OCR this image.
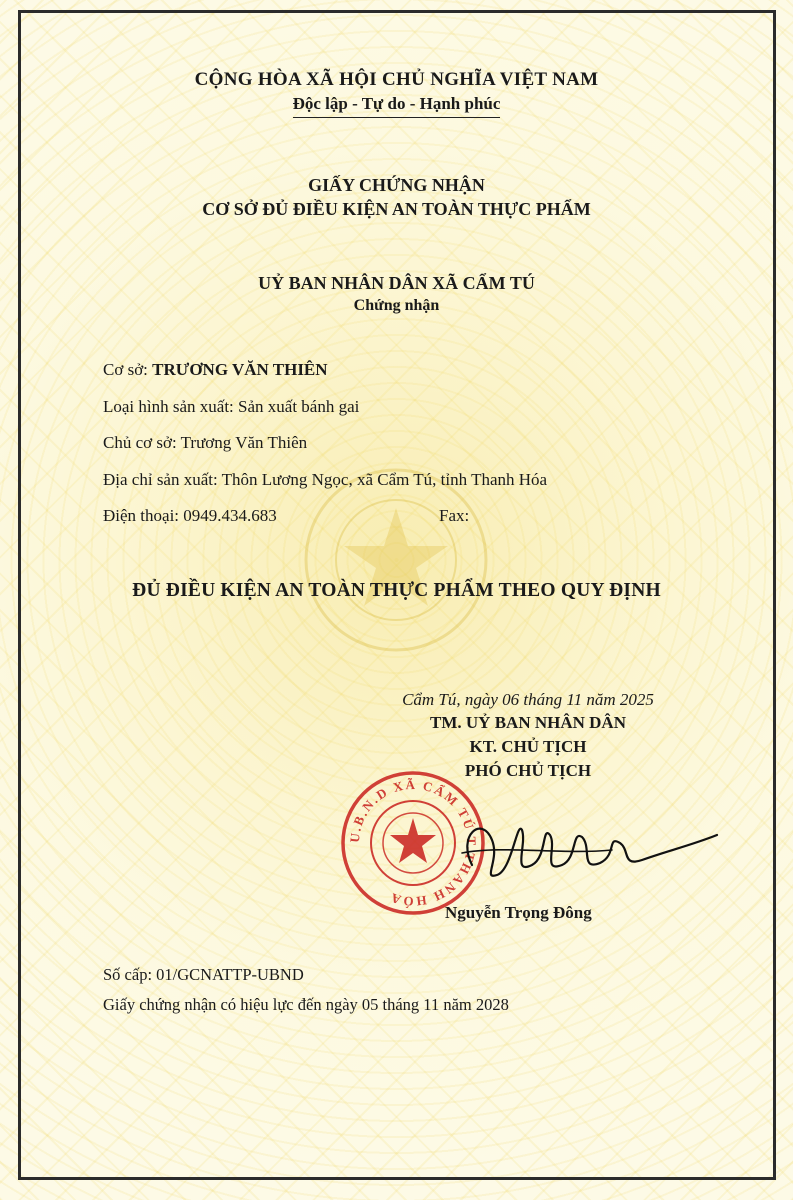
CỘNG HÒA XÃ HỘI CHỦ NGHĨA VIỆT NAM
Độc lập - Tự do - Hạnh phúc
GIẤY CHỨNG NHẬN
CƠ SỞ ĐỦ ĐIỀU KIỆN AN TOÀN THỰC PHẨM
UỶ BAN NHÂN DÂN XÃ CẨM TÚ
Chứng nhận
Cơ sở: TRƯƠNG VĂN THIÊN
Loại hình sản xuất: Sản xuất bánh gai
Chủ cơ sở: Trương Văn Thiên
Địa chỉ sản xuất: Thôn Lương Ngọc, xã Cẩm Tú, tỉnh Thanh Hóa
Điện thoại: 0949.434.683	Fax:
ĐỦ ĐIỀU KIỆN AN TOÀN THỰC PHẨM THEO QUY ĐỊNH
Cẩm Tú, ngày 06 tháng 11 năm 2025
TM. UỶ BAN NHÂN DÂN
KT. CHỦ TỊCH
PHÓ CHỦ TỊCH
U.B.N.D XÃ CẨM TÚ T.THANH HÓA
Nguyễn Trọng Đông
Số cấp: 01/GCNATTP-UBND
Giấy chứng nhận có hiệu lực đến ngày 05 tháng 11 năm 2028
